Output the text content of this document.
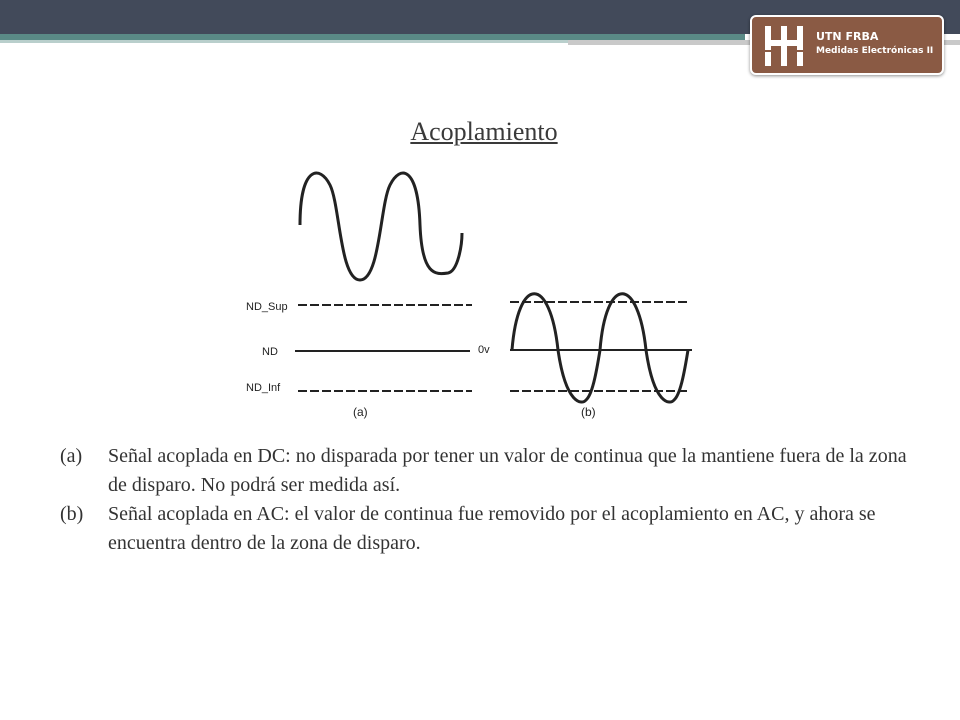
UTN FRBA
Medidas Electrónicas II
Acoplamiento
ND_Sup
ND
ND_Inf
0v
(a)	(b)
(a) Señal acoplada en DC: no disparada por tener un valor de continua que la mantiene fuera de la zona de disparo. No podrá ser medida así.
(b) Señal acoplada en AC: el valor de continua fue removido por el acoplamiento en AC, y ahora se encuentra dentro de la zona de disparo.
